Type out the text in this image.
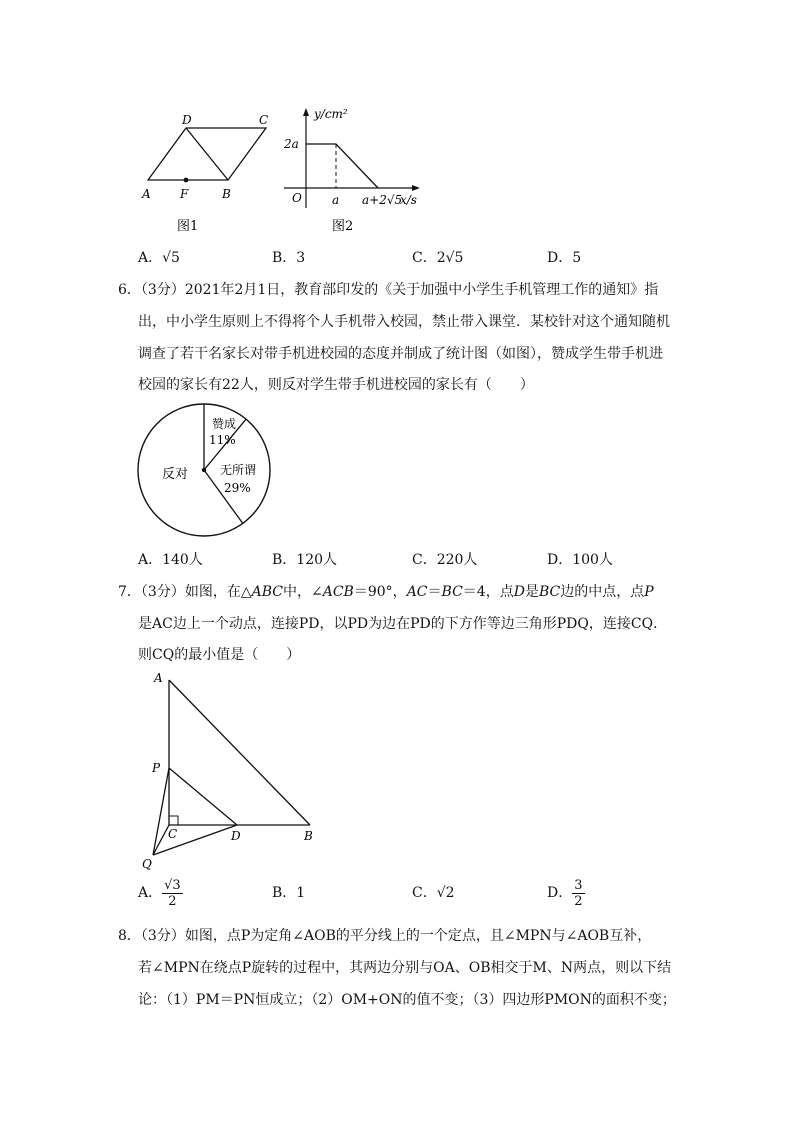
D	C
A F	B
图1
y/cm²
2a
O	a a+2√5
x/s
图2
A．√5	B．3	C．2√5	D．5
6．（3分）2021年2月1日，教育部印发的《关于加强中小学生手机管理工作的通知》指
出，中小学生原则上不得将个人手机带入校园，禁止带入课堂．某校针对这个通知随机
调查了若干名家长对带手机进校园的态度并制成了统计图（如图），赞成学生带手机进
校园的家长有22人，则反对学生带手机进校园的家长有（　　）
赞成
11%
无所谓
29%
反对
A．140人	B．120人	C．220人	D．100人
7．（3分）如图，在△ABC中，∠ACB＝90°，AC＝BC＝4，点D是BC边的中点，点P
是AC边上一个动点，连接PD，以PD为边在PD的下方作等边三角形PDQ，连接CQ．
则CQ的最小值是（　　）
A
P
C	D	B
Q
A． $\frac{√3}{2}$	B．1	C．√2	D． $\frac{3}{2}$
8．（3分）如图，点P为定角∠AOB的平分线上的一个定点，且∠MPN与∠AOB互补，
若∠MPN在绕点P旋转的过程中，其两边分别与OA、OB相交于M、N两点，则以下结
论：（1）PM＝PN恒成立；（2）OM+ON的值不变；（3）四边形PMON的面积不变；
